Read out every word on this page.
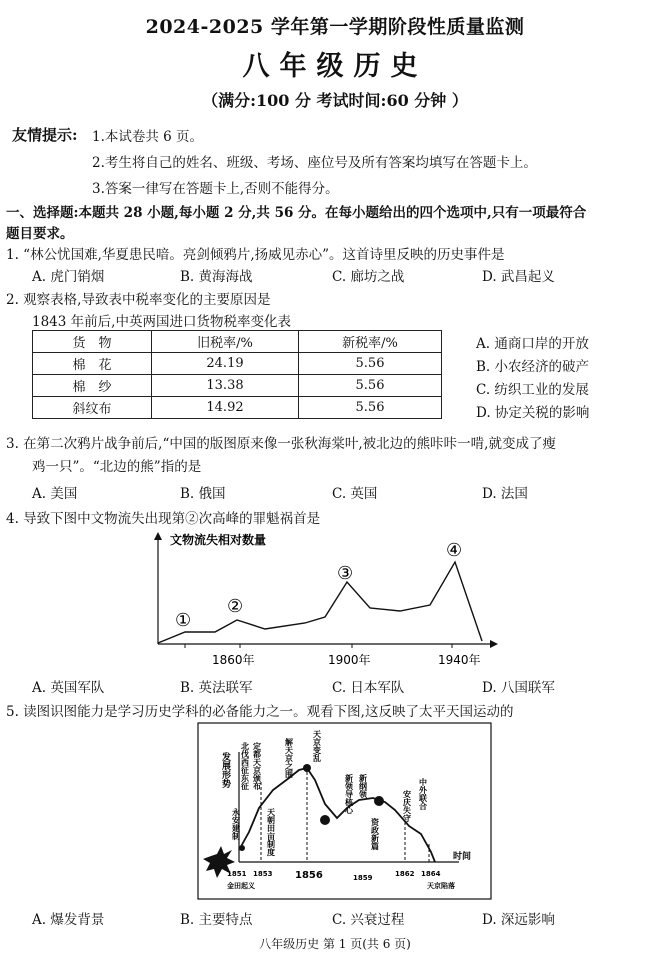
2024-2025 学年第一学期阶段性质量监测
八年级历史
（满分:100 分 考试时间:60 分钟 ）
友情提示: 1.本试卷共 6 页。
2.考生将自己的姓名、班级、考场、座位号及所有答案均填写在答题卡上。
3.答案一律写在答题卡上,否则不能得分。
一、选择题:本题共 28 小题,每小题 2 分,共 56 分。在每小题给出的四个选项中,只有一项最符合
题目要求。
1. “林公忧国难,华夏患民喑。亮剑倾鸦片,扬威见赤心”。这首诗里反映的历史事件是
A. 虎门销烟	B. 黄海海战	C. 廊坊之战	D. 武昌起义
2. 观察表格,导致表中税率变化的主要原因是
1843 年前后,中英两国进口货物税率变化表
货　物	旧税率/%	新税率/%
棉　花	24.19	5.56
棉　纱	13.38	5.56
斜纹布	14.92	5.56
A. 通商口岸的开放
B. 小农经济的破产
C. 纺织工业的发展
D. 协定关税的影响
3. 在第二次鸦片战争前后,“中国的版图原来像一张秋海棠叶,被北边的熊咔咔一啃,就变成了瘦
鸡一只”。“北边的熊”指的是
A. 美国	B. 俄国	C. 英国	D. 法国
4. 导致下图中文物流失出现第②次高峰的罪魁祸首是
文物流失相对数量
1860年	1900年	1940年
①
②
③
④
A. 英国军队	B. 英法联军	C. 日本军队	D. 八国联军
5. 读图识图能力是学习历史学科的必备能力之一。观看下图,这反映了太平天国运动的
发展形势
时间
北伐西征东征 定都天京颁布
永安建制	天朝田亩制度
解天京之围 天京变乱
新领导核心 新纲领
资政新篇
安庆失守 中外联合
1851 1853 1856	1859	1862 1864
金田起义	天京陷落
A. 爆发背景	B. 主要特点	C. 兴衰过程	D. 深远影响
八年级历史 第 1 页(共 6 页)
